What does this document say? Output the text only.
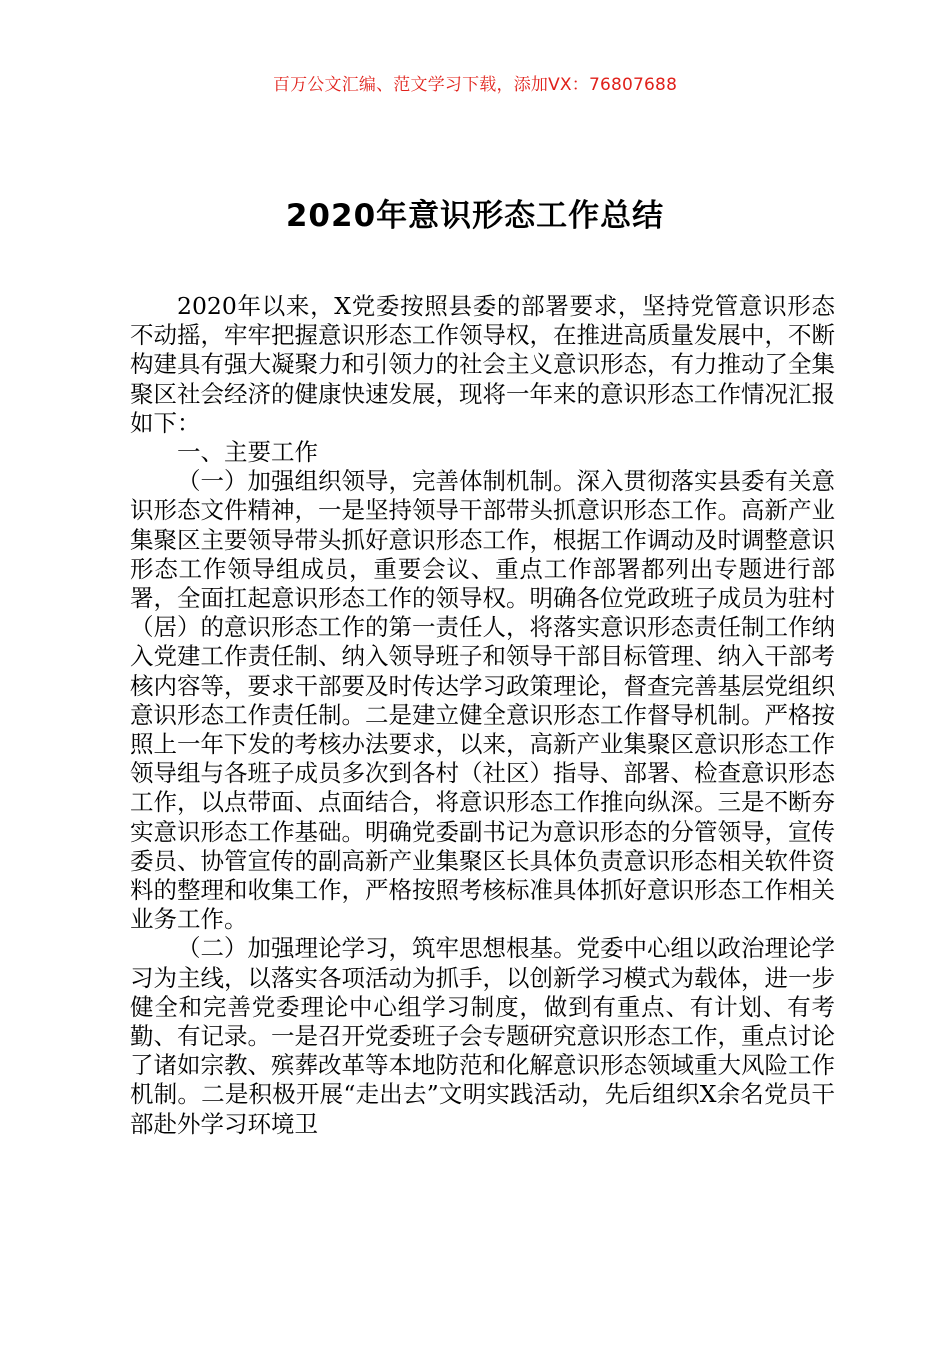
百万公文汇编、范文学习下载，添加VX：76807688
2020年意识形态工作总结

2020年以来，X党委按照县委的部署要求，坚持党管意识形态不动摇，牢牢把握意识形态工作领导权，在推进高质量发展中，不断构建具有强大凝聚力和引领力的社会主义意识形态，有力推动了全集聚区社会经济的健康快速发展，现将一年来的意识形态工作情况汇报如下：

一、主要工作

（一）加强组织领导，完善体制机制。深入贯彻落实县委有关意识形态文件精神，一是坚持领导干部带头抓意识形态工作。高新产业集聚区主要领导带头抓好意识形态工作，根据工作调动及时调整意识形态工作领导组成员，重要会议、重点工作部署都列出专题进行部署，全面扛起意识形态工作的领导权。明确各位党政班子成员为驻村（居）的意识形态工作的第一责任人，将落实意识形态责任制工作纳入党建工作责任制、纳入领导班子和领导干部目标管理、纳入干部考核内容等，要求干部要及时传达学习政策理论，督查完善基层党组织意识形态工作责任制。二是建立健全意识形态工作督导机制。严格按照上一年下发的考核办法要求，以来，高新产业集聚区意识形态工作领导组与各班子成员多次到各村（社区）指导、部署、检查意识形态工作，以点带面、点面结合，将意识形态工作推向纵深。三是不断夯实意识形态工作基础。明确党委副书记为意识形态的分管领导，宣传委员、协管宣传的副高新产业集聚区长具体负责意识形态相关软件资料的整理和收集工作，严格按照考核标准具体抓好意识形态工作相关业务工作。

（二）加强理论学习，筑牢思想根基。党委中心组以政治理论学习为主线，以落实各项活动为抓手，以创新学习模式为载体，进一步健全和完善党委理论中心组学习制度，做到有重点、有计划、有考勤、有记录。一是召开党委班子会专题研究意识形态工作，重点讨论了诸如宗教、殡葬改革等本地防范和化解意识形态领域重大风险工作机制。二是积极开展“走出去”文明实践活动，先后组织X余名党员干部赴外学习环境卫
